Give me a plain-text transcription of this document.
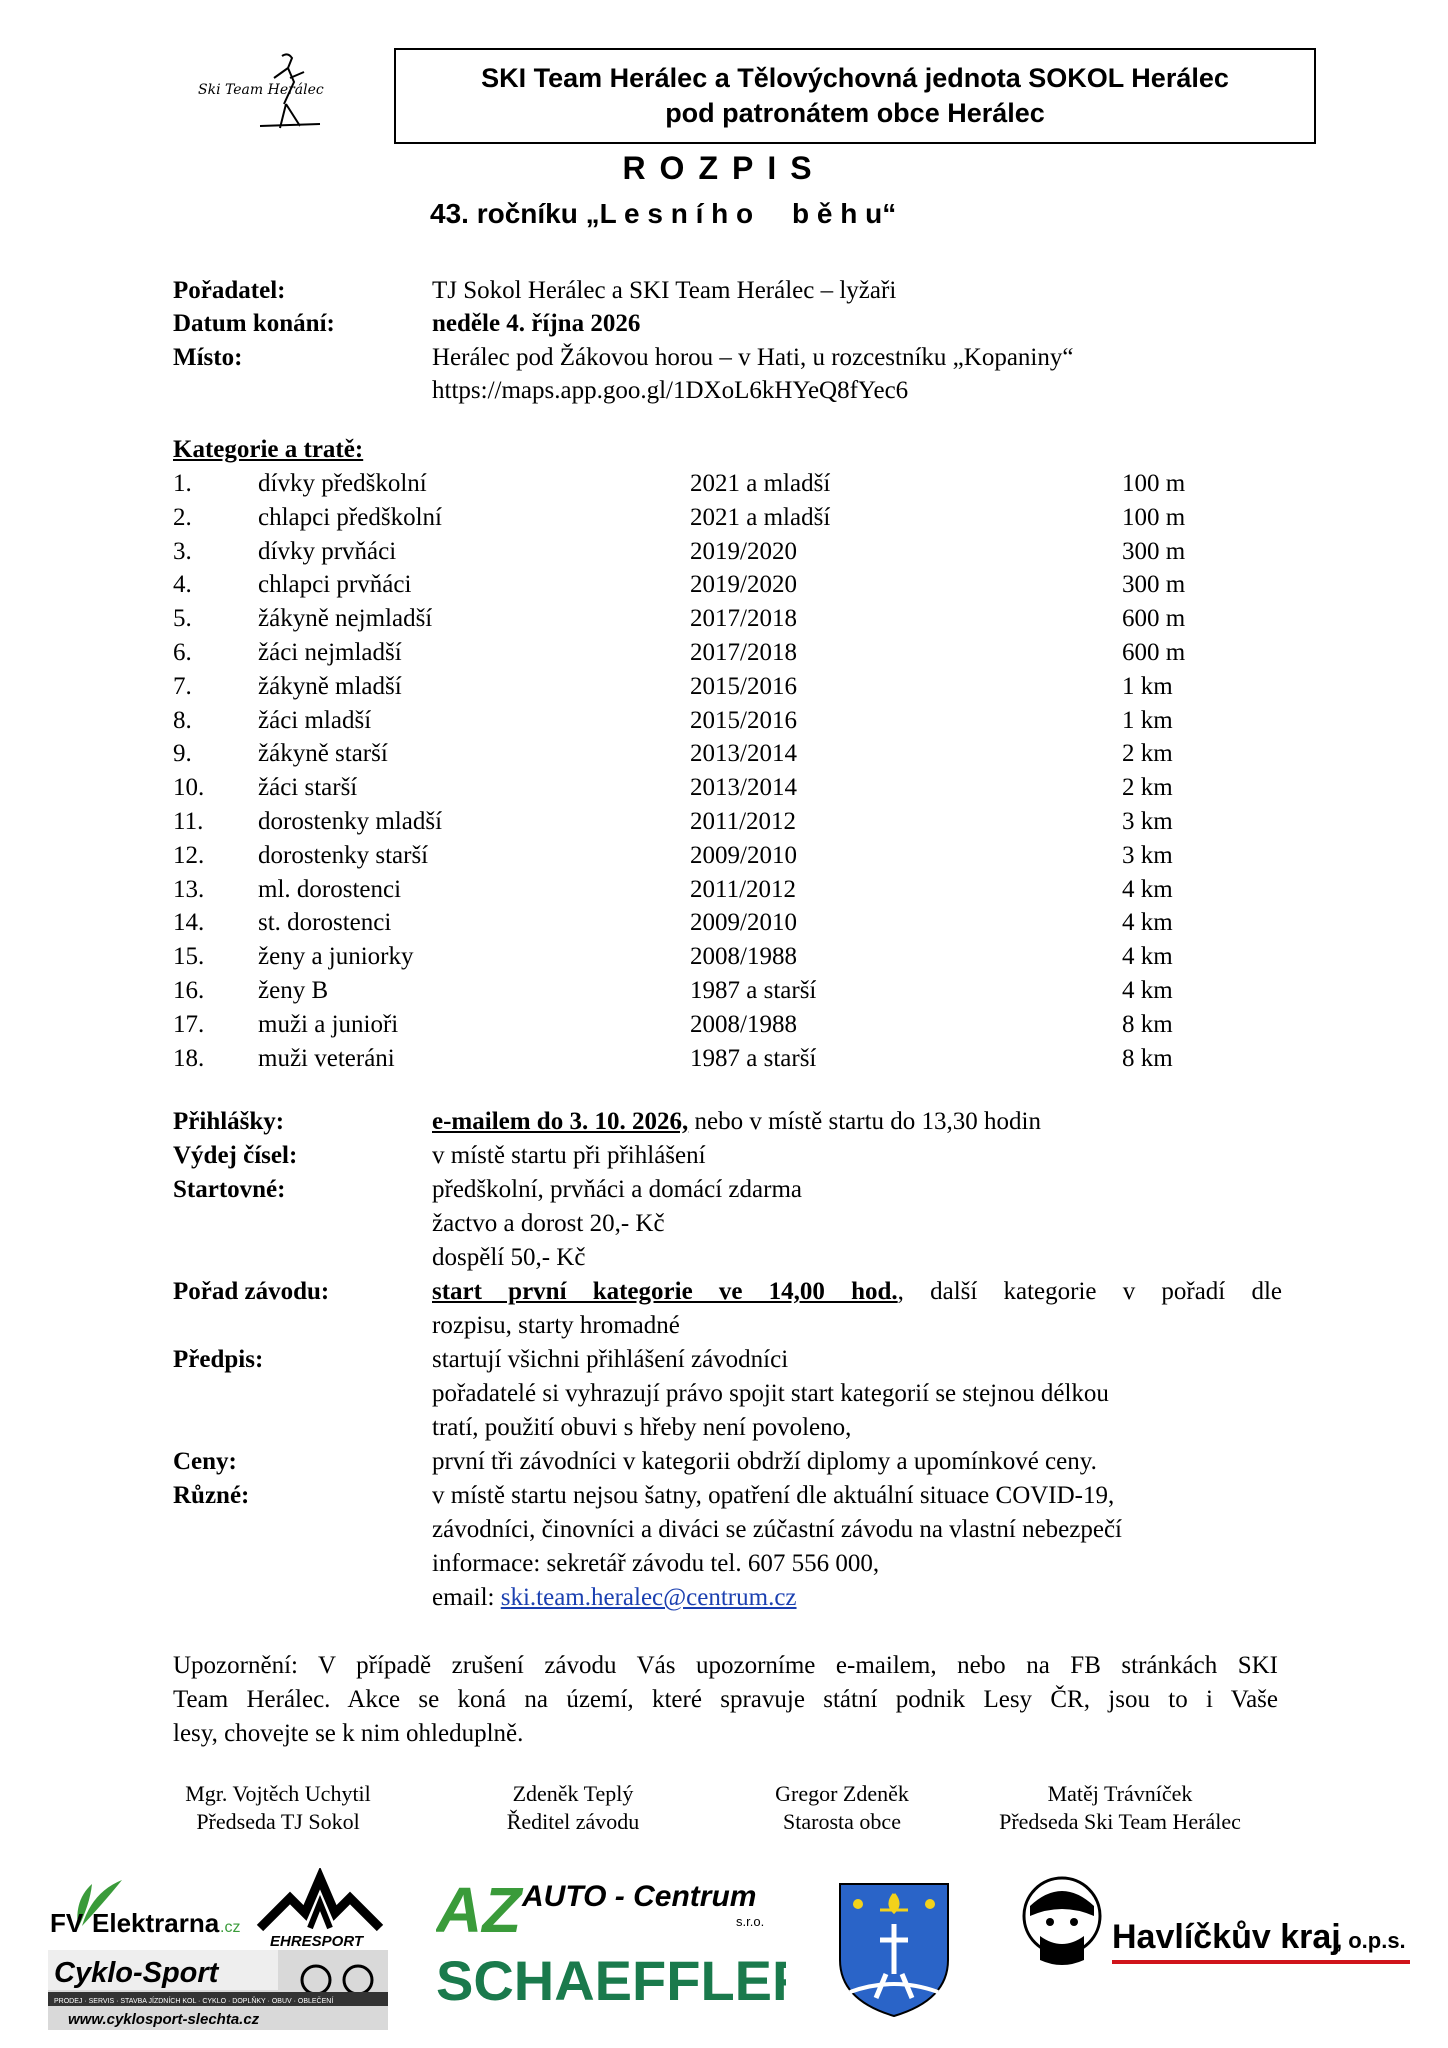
Ski Team Herálec	SKI Team Herálec a Tělovýchovná jednota SOKOL Herálec
pod patronátem obce Herálec
ROZPIS
43. ročníku „L e s n í h o     b ě h u“
Pořadatel:	TJ Sokol Herálec a SKI Team Herálec – lyžaři
Datum konání:	neděle 4. října 2026
Místo:	Herálec pod Žákovou horou – v Hati, u rozcestníku „Kopaniny“
https://maps.app.goo.gl/1DXoL6kHYeQ8fYec6
Kategorie a tratě:
1.	dívky předškolní	2021 a mladší	100 m
2.	chlapci předškolní	2021 a mladší	100 m
3.	dívky prvňáci	2019/2020	300 m
4.	chlapci prvňáci	2019/2020	300 m
5.	žákyně nejmladší	2017/2018	600 m
6.	žáci nejmladší	2017/2018	600 m
7.	žákyně mladší	2015/2016	1 km
8.	žáci mladší	2015/2016	1 km
9.	žákyně starší	2013/2014	2 km
10. žáci starší	2013/2014	2 km
11. dorostenky mladší	2011/2012	3 km
12. dorostenky starší	2009/2010	3 km
13. ml. dorostenci	2011/2012	4 km
14. st. dorostenci	2009/2010	4 km
15. ženy a juniorky	2008/1988	4 km
16. ženy B	1987 a starší	4 km
17. muži a junioři	2008/1988	8 km
18. muži veteráni	1987 a starší	8 km
Přihlášky:	e-mailem do 3. 10. 2026, nebo v místě startu do 13,30 hodin
Výdej čísel:	v místě startu při přihlášení
Startovné:	předškolní, prvňáci a domácí zdarma
žactvo a dorost 20,- Kč
dospělí 50,- Kč
Pořad závodu:	start první kategorie ve 14,00 hod., další kategorie v pořadí dle
rozpisu, starty hromadné
Předpis:	startují všichni přihlášení závodníci
pořadatelé si vyhrazují právo spojit start kategorií se stejnou délkou
tratí, použití obuvi s hřeby není povoleno,
Ceny:	první tři závodníci v kategorii obdrží diplomy a upomínkové ceny.
Různé:	v místě startu nejsou šatny, opatření dle aktuální situace COVID-19,
závodníci, činovníci a diváci se zúčastní závodu na vlastní nebezpečí
informace: sekretář závodu tel. 607 556 000,
email: ski.team.heralec@centrum.cz
Upozornění: V případě zrušení závodu Vás upozorníme e-mailem, nebo na FB stránkách SKI
Team Herálec. Akce se koná na území, které spravuje státní podnik Lesy ČR, jsou to i Vaše
lesy, chovejte se k nim ohleduplně.
Mgr. Vojtěch Uchytil
Předseda TJ Sokol
Zdeněk Teplý
Ředitel závodu
Gregor Zdeněk
Starosta obce
Matěj Trávníček
Předseda Ski Team Herálec
FV Elektrarna .cz
EHRESPORT
Cyklo-Sport
PRODEJ · SERVIS · STAVBA JÍZDNÍCH KOL · CYKLO · DOPLŇKY · OBUV · OBLEČENÍ
www.cyklosport-slechta.cz
AZ AUTO - Centrum
s.r.o.
SCHAEFFLER
Havlíčkův kraj
, o.p.s.
